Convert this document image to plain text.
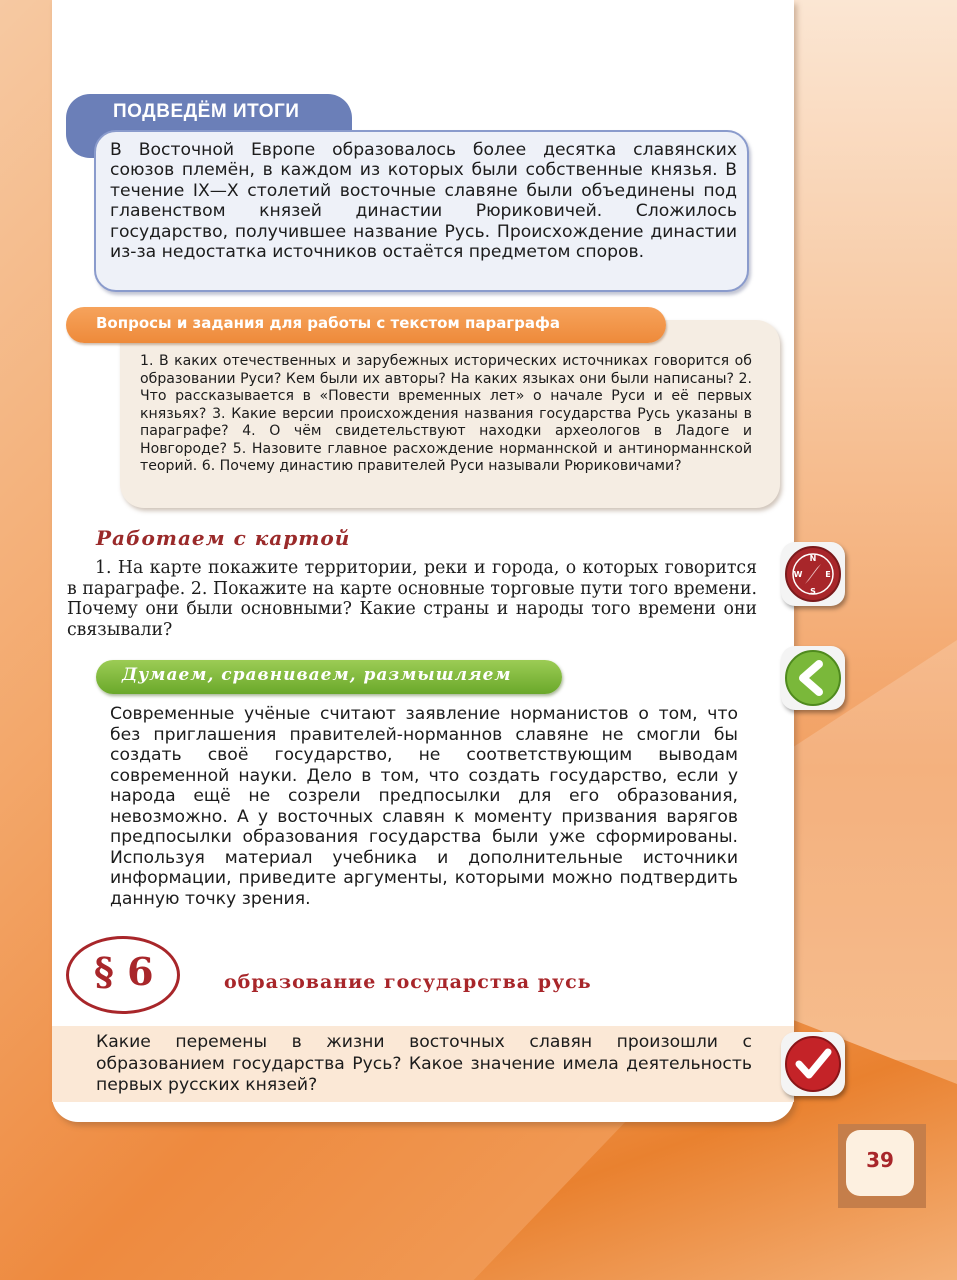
ПОДВЕДЁМ ИТОГИ

В Восточной Европе образовалось более десятка славянских союзов племён, в каждом из которых были собственные князья. В течение IX—X столетий восточные славяне были объединены под главенством князей династии Рюриковичей. Сложилось государство, получившее название Русь. Происхождение династии из-за недостатка источников остаётся предметом споров.

Вопросы и задания для работы с текстом параграфа

1. В каких отечественных и зарубежных исторических источниках говорится об образовании Руси? Кем были их авторы? На каких языках они были написаны? 2. Что рассказывается в «Повести временных лет» о начале Руси и её первых князьях? 3. Какие версии происхождения названия государства Русь указаны в параграфе? 4. О чём свидетельствуют находки археологов в Ладоге и Новгороде? 5. Назовите главное расхождение норманнской и антинорманнской теорий. 6. Почему династию правителей Руси называли Рюриковичами?

Работаем с картой

1. На карте покажите территории, реки и города, о которых говорится в параграфе. 2. Покажите на карте основные торговые пути того времени. Почему они были основными? Какие страны и народы того времени они связывали?

Думаем, сравниваем, размышляем

Современные учёные считают заявление норманистов о том, что без приглашения правителей-норманнов славяне не смогли бы создать своё государство, не соответствующим выводам современной науки. Дело в том, что создать государство, если у народа ещё не созрели предпосылки для его образования, невозможно. А у восточных славян к моменту призвания варягов предпосылки образования государства были уже сформированы. Используя материал учебника и дополнительные источники информации, приведите аргументы, которыми можно подтвердить данную точку зрения.

§ 6	образование государства русь

Какие перемены в жизни восточных славян произошли с образованием государства Русь? Какое значение имела деятельность первых русских князей?

N
E
S
W
39
